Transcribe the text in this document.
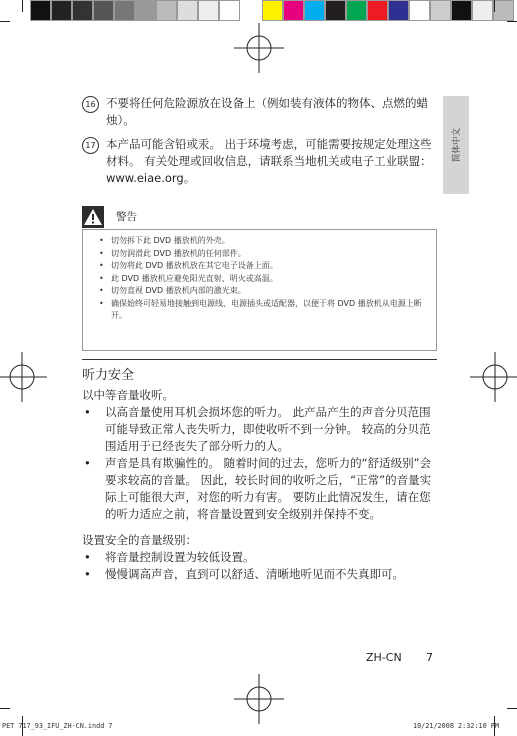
简体中文
16 不要将任何危险源放在设备上（例如装有液体的物体、点燃的蜡烛）。
17 本产品可能含铅或汞。 出于环境考虑，可能需要按规定处理这些材料。 有关处理或回收信息，请联系当地机关或电子工业联盟：www.eiae.org。
警告
• 切勿拆下此 DVD 播放机的外壳。
• 切勿润滑此 DVD 播放机的任何部件。
• 切勿将此 DVD 播放机放在其它电子设备上面。
• 此 DVD 播放机应避免阳光直射、明火或高温。
• 切勿直视 DVD 播放机内部的激光束。
• 确保始终可轻易地接触到电源线、电源插头或适配器，以便于将 DVD 播放机从电源上断开。
听力安全
以中等音量收听。
• 以高音量使用耳机会损坏您的听力。 此产品产生的声音分贝范围可能导致正常人丧失听力，即使收听不到一分钟。 较高的分贝范围适用于已经丧失了部分听力的人。
• 声音是具有欺骗性的。 随着时间的过去，您听力的“舒适级别”会要求较高的音量。 因此，较长时间的收听之后，“正常”的音量实际上可能很大声，对您的听力有害。 要防止此情况发生，请在您的听力适应之前，将音量设置到安全级别并保持不变。
设置安全的音量级别：
• 将音量控制设置为较低设置。
• 慢慢调高声音，直到可以舒适、清晰地听见而不失真即可。
ZH-CN 7
PET 717_93_IFU_ZH-CN.indd 7	10/21/2008 2:32:10 PM
